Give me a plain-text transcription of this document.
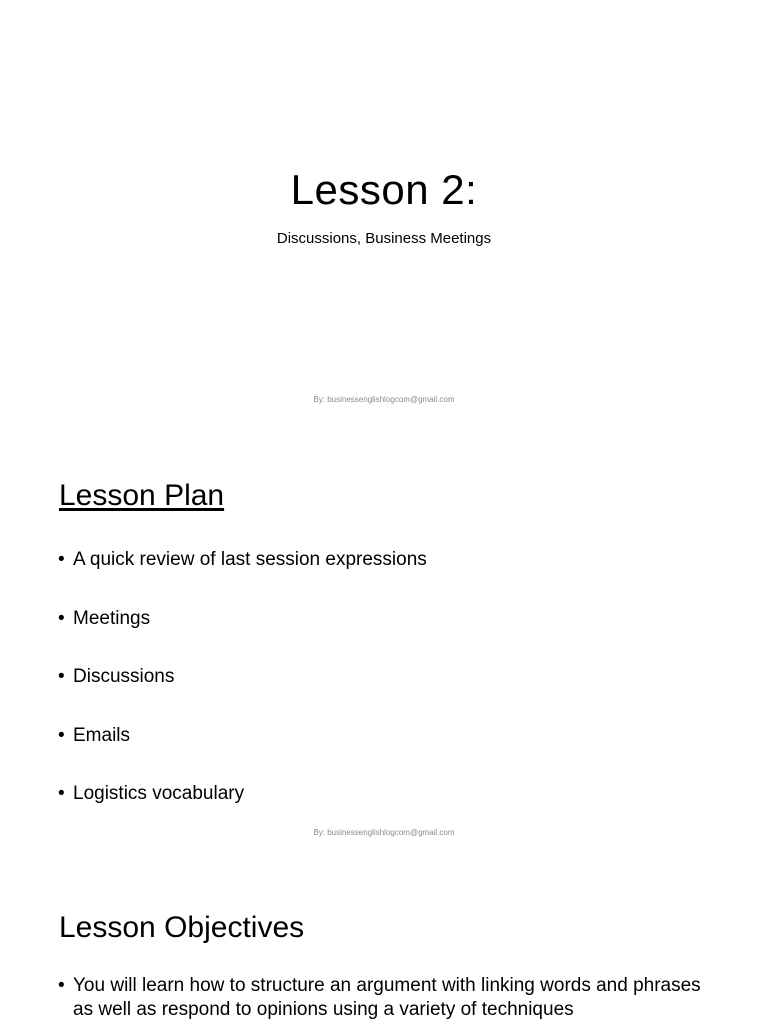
Lesson 2:
Discussions, Business Meetings
By: businessenglishlogcom@gmail.com
Lesson Plan
• A quick review of last session expressions
• Meetings
• Discussions
• Emails
• Logistics vocabulary
By: businessenglishlogcom@gmail.com
Lesson Objectives
• You will learn how to structure an argument with linking words and phrases as well as respond to opinions using a variety of techniques
